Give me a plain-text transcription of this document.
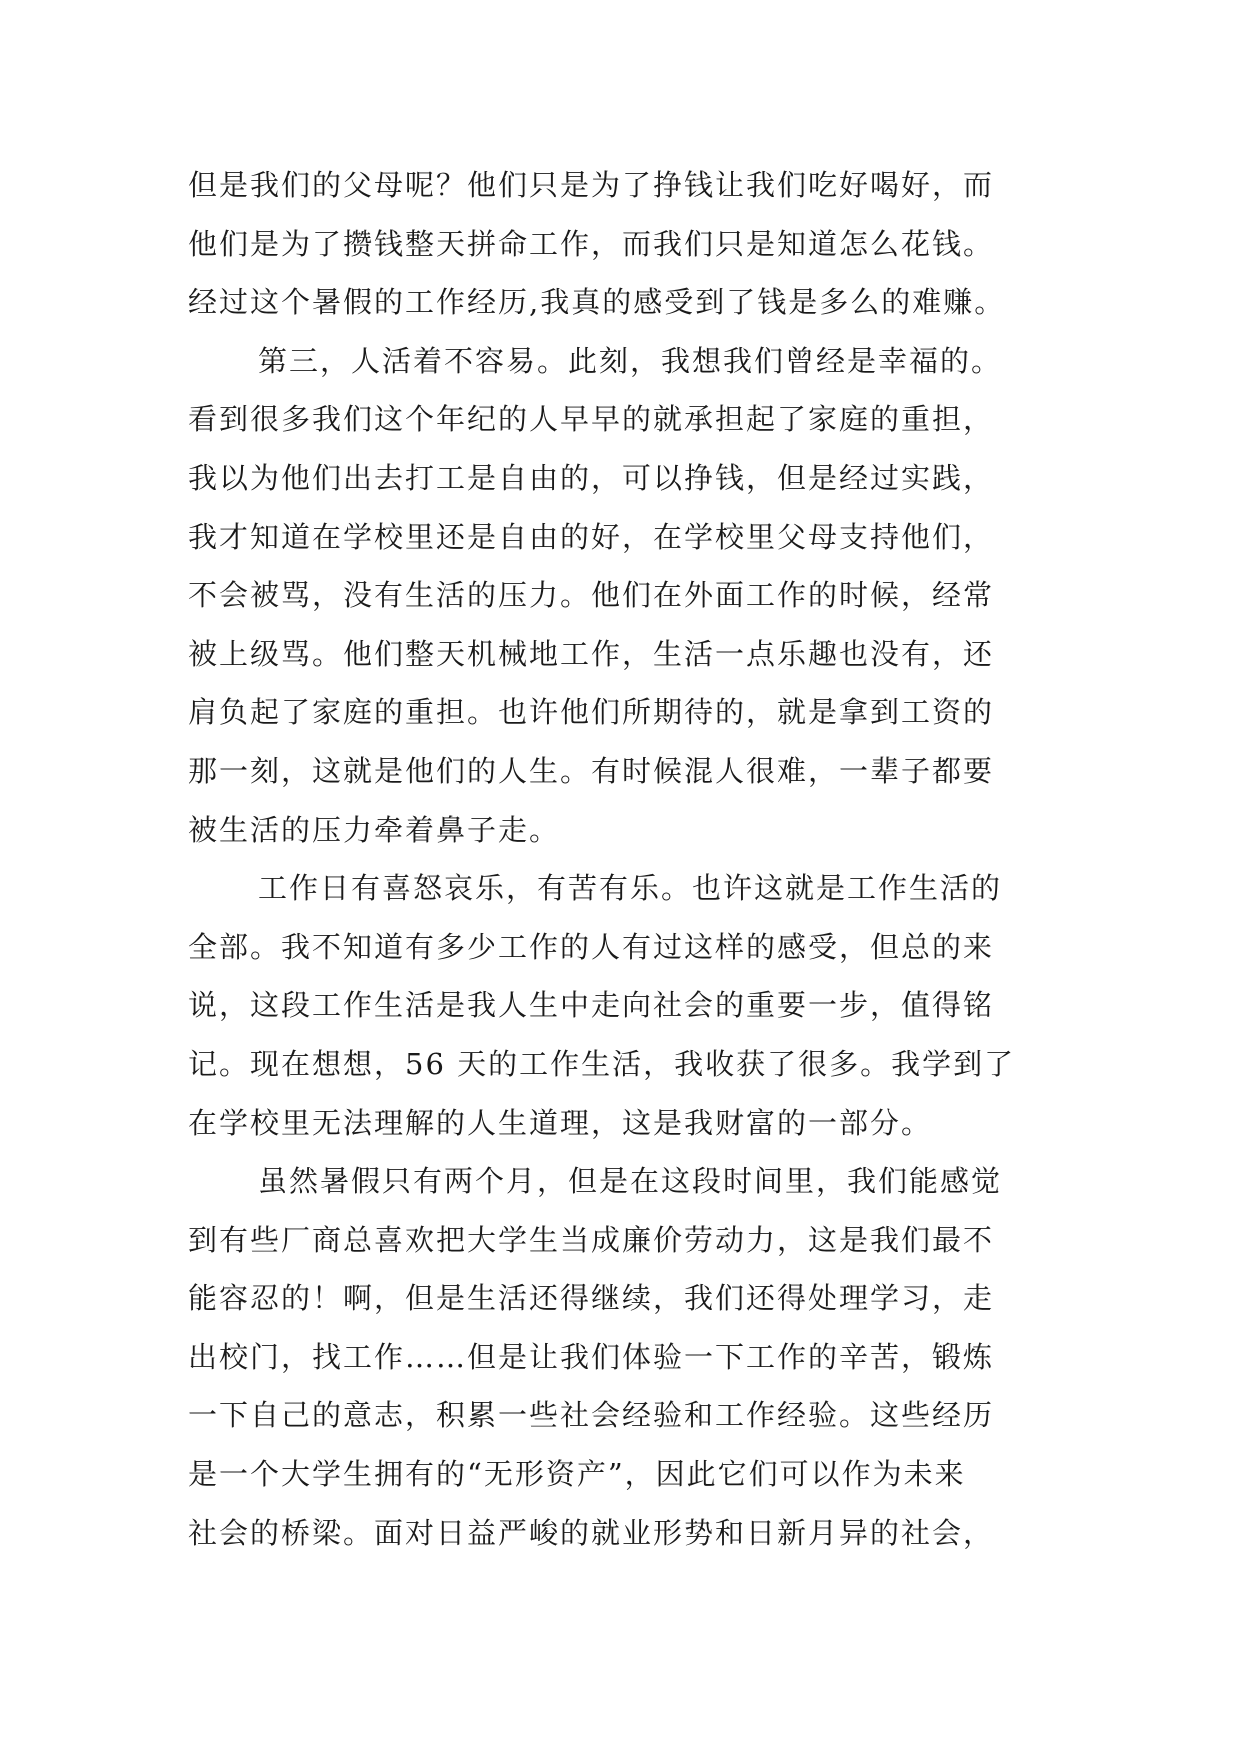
但是我们的父母呢？他们只是为了挣钱让我们吃好喝好，而
他们是为了攒钱整天拼命工作，而我们只是知道怎么花钱。
经过这个暑假的工作经历,我真的感受到了钱是多么的难赚。
第三，人活着不容易。此刻，我想我们曾经是幸福的。
看到很多我们这个年纪的人早早的就承担起了家庭的重担，
我以为他们出去打工是自由的，可以挣钱，但是经过实践，
我才知道在学校里还是自由的好，在学校里父母支持他们，
不会被骂，没有生活的压力。他们在外面工作的时候，经常
被上级骂。他们整天机械地工作，生活一点乐趣也没有，还
肩负起了家庭的重担。也许他们所期待的，就是拿到工资的
那一刻，这就是他们的人生。有时候混人很难，一辈子都要
被生活的压力牵着鼻子走。
工作日有喜怒哀乐，有苦有乐。也许这就是工作生活的
全部。我不知道有多少工作的人有过这样的感受，但总的来
说，这段工作生活是我人生中走向社会的重要一步，值得铭
记。现在想想，56 天的工作生活，我收获了很多。我学到了
在学校里无法理解的人生道理，这是我财富的一部分。
虽然暑假只有两个月，但是在这段时间里，我们能感觉
到有些厂商总喜欢把大学生当成廉价劳动力，这是我们最不
能容忍的！啊，但是生活还得继续，我们还得处理学习，走
出校门，找工作……但是让我们体验一下工作的辛苦，锻炼
一下自己的意志，积累一些社会经验和工作经验。这些经历
是一个大学生拥有的“无形资产”，因此它们可以作为未来
社会的桥梁。面对日益严峻的就业形势和日新月异的社会，
